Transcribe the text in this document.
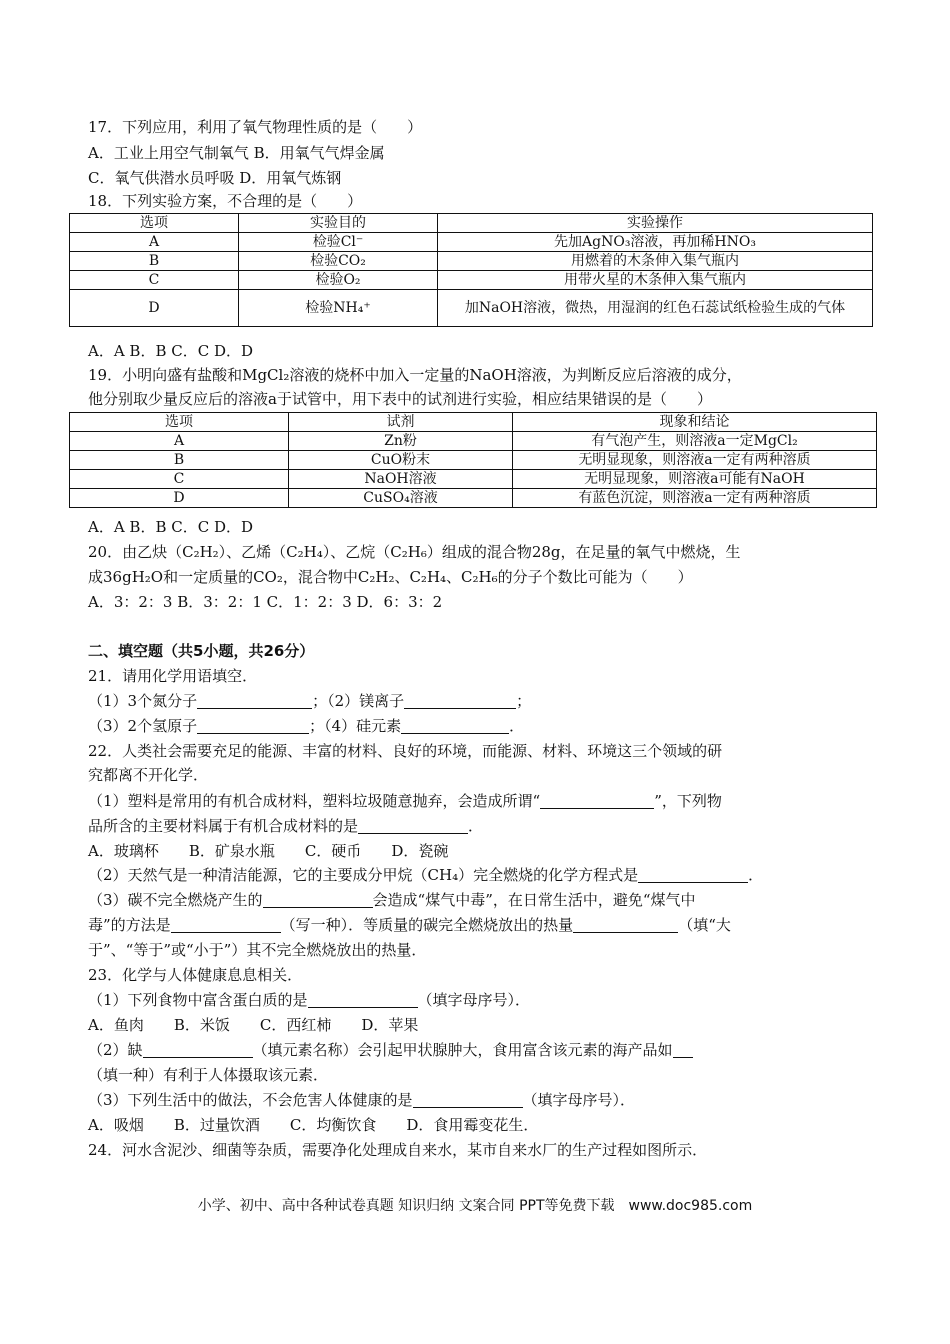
17．下列应用，利用了氧气物理性质的是（　　）
A．工业上用空气制氧气 B．用氧气气焊金属
C．氧气供潜水员呼吸 D．用氧气炼钢
18．下列实验方案，不合理的是（　　）
选项	实验目的	实验操作
A	检验Cl⁻	先加AgNO₃溶液，再加稀HNO₃
B	检验CO₂	用燃着的木条伸入集气瓶内
C	检验O₂	用带火星的木条伸入集气瓶内
D	检验NH₄⁺	加NaOH溶液，微热，用湿润的红色石蕊试纸检验生成的气体
A．A B．B C．C D．D
19．小明向盛有盐酸和MgCl₂溶液的烧杯中加入一定量的NaOH溶液，为判断反应后溶液的成分，
他分别取少量反应后的溶液a于试管中，用下表中的试剂进行实验，相应结果错误的是（　　）
选项	试剂	现象和结论
A	Zn粉	有气泡产生，则溶液a一定MgCl₂
B	CuO粉末	无明显现象，则溶液a一定有两种溶质
C	NaOH溶液	无明显现象，则溶液a可能有NaOH
D	CuSO₄溶液	有蓝色沉淀，则溶液a一定有两种溶质
A．A B．B C．C D．D
20．由乙炔（C₂H₂）、乙烯（C₂H₄）、乙烷（C₂H₆）组成的混合物28g，在足量的氧气中燃烧，生
成36gH₂O和一定质量的CO₂，混合物中C₂H₂、C₂H₄、C₂H₆的分子个数比可能为（　　）
A．3：2：3 B．3：2：1 C．1：2：3 D．6：3：2
二、填空题（共5小题，共26分）
21．请用化学用语填空．
（1）3个氮分子	；（2）镁离子	；
（3）2个氢原子	；（4）硅元素	．
22．人类社会需要充足的能源、丰富的材料、良好的环境，而能源、材料、环境这三个领域的研
究都离不开化学．
（1）塑料是常用的有机合成材料，塑料垃圾随意抛弃，会造成所谓“	”，下列物
品所含的主要材料属于有机合成材料的是	．
A．玻璃杯　　B．矿泉水瓶　　C．硬币　　D．瓷碗
（2）天然气是一种清洁能源，它的主要成分甲烷（CH₄）完全燃烧的化学方程式是	．
（3）碳不完全燃烧产生的	会造成“煤气中毒”，在日常生活中，避免“煤气中
毒”的方法是	（写一种）．等质量的碳完全燃烧放出的热量	（填“大
于”、“等于”或“小于”）其不完全燃烧放出的热量．
23．化学与人体健康息息相关．
（1）下列食物中富含蛋白质的是	（填字母序号）．
A．鱼肉　　B．米饭　　C．西红柿　　D．苹果
（2）缺	（填元素名称）会引起甲状腺肿大，食用富含该元素的海产品如
（填一种）有利于人体摄取该元素．
（3）下列生活中的做法，不会危害人体健康的是	（填字母序号）．
A．吸烟　　B．过量饮酒　　C．均衡饮食　　D．食用霉变花生．
24．河水含泥沙、细菌等杂质，需要净化处理成自来水，某市自来水厂的生产过程如图所示．
小学、初中、高中各种试卷真题 知识归纳 文案合同 PPT等免费下载　www.doc985.com
